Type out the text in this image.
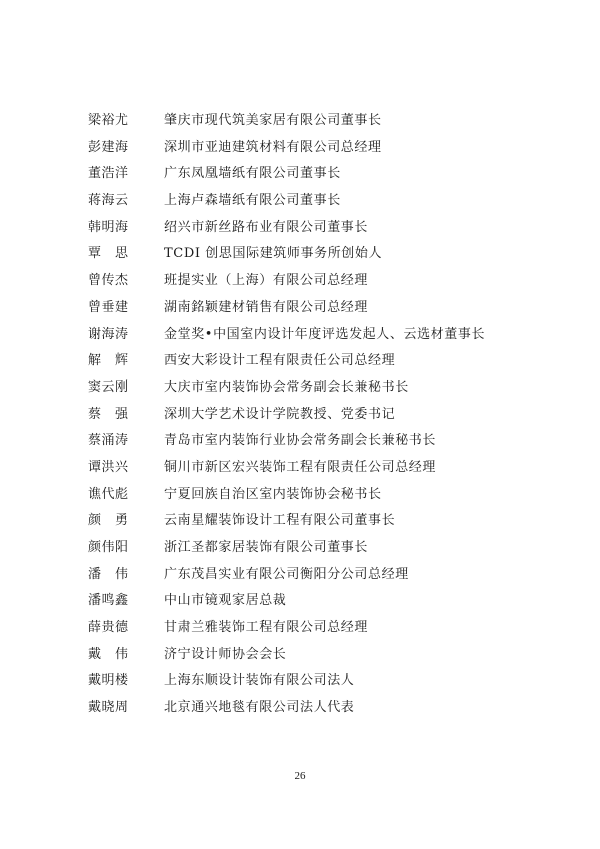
梁裕尤	肇庆市现代筑美家居有限公司董事长
彭建海	深圳市亚迪建筑材料有限公司总经理
董浩洋	广东凤凰墙纸有限公司董事长
蒋海云	上海卢森墙纸有限公司董事长
韩明海	绍兴市新丝路布业有限公司董事长
覃　思	TCDI 创思国际建筑师事务所创始人
曾传杰	班提实业（上海）有限公司总经理
曾垂建	湖南銘颖建材销售有限公司总经理
谢海涛	金堂奖•中国室内设计年度评选发起人、云选材董事长
解　辉	西安大彩设计工程有限责任公司总经理
窦云刚	大庆市室内装饰协会常务副会长兼秘书长
蔡　强	深圳大学艺术设计学院教授、党委书记
蔡涌涛	青岛市室内装饰行业协会常务副会长兼秘书长
谭洪兴	铜川市新区宏兴装饰工程有限责任公司总经理
谯代彪	宁夏回族自治区室内装饰协会秘书长
颜　勇	云南星耀装饰设计工程有限公司董事长
颜伟阳	浙江圣都家居装饰有限公司董事长
潘　伟	广东茂昌实业有限公司衡阳分公司总经理
潘鸣鑫	中山市镜观家居总裁
薛贵德	甘肃兰雅装饰工程有限公司总经理
戴　伟	济宁设计师协会会长
戴明楼	上海东顺设计装饰有限公司法人
戴晓周	北京通兴地毯有限公司法人代表
26
